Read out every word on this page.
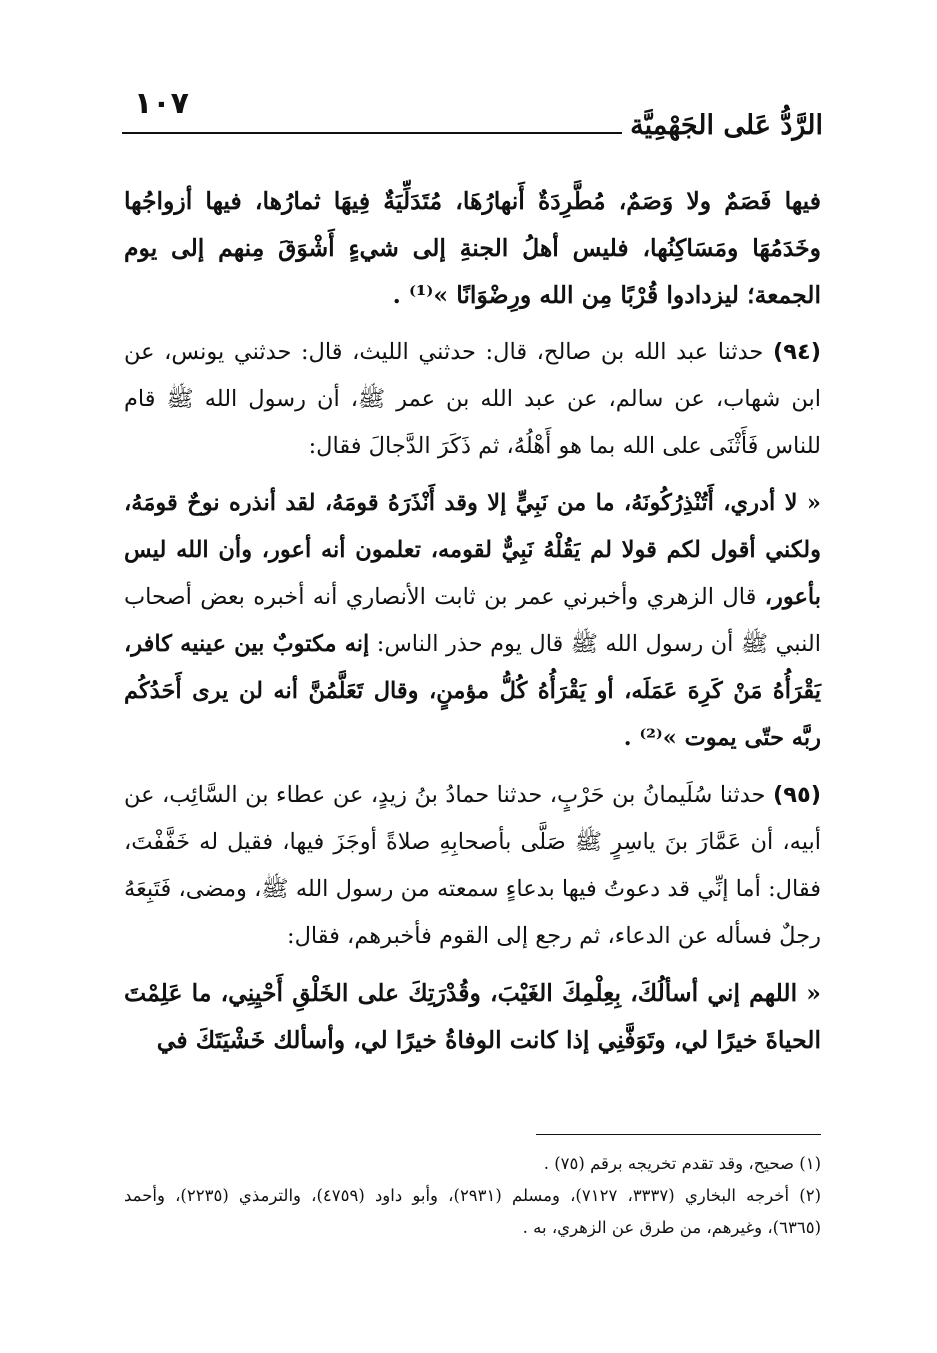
١٠٧
الرَّدُّ عَلى الجَهْمِيَّة

فيها فَصَمٌ ولا وَصَمٌ، مُطَّرِدَةٌ أَنهارُهَا، مُتَدَلِّيَةٌ فِيهَا ثمارُها، فيها أزواجُها وخَدَمُهَا ومَسَاكِنُها، فليس أهلُ الجنةِ إلى شيءٍ أَشْوَقَ مِنهم إلى يوم الجمعة؛ ليزدادوا قُرْبًا مِن الله ورِضْوَانًا »⁽¹⁾ .

(٩٤) حدثنا عبد الله بن صالح، قال: حدثني الليث، قال: حدثني يونس، عن ابن شهاب، عن سالم، عن عبد الله بن عمر ﷺ، أن رسول الله ﷺ قام للناس فَأَثْنَى على الله بما هو أَهْلُهُ، ثم ذَكَرَ الدَّجالَ فقال:

« لا أدري، أَتُنْذِرُكُونَهُ، ما من نَبِيٍّ إلا وقد أَنْذَرَهُ قومَهُ، لقد أنذره نوحٌ قومَهُ، ولكني أقول لكم قولا لم يَقُلْهُ نَبِيٌّ لقومه، تعلمون أنه أعور، وأن الله ليس بأعور، قال الزهري وأخبرني عمر بن ثابت الأنصاري أنه أخبره بعض أصحاب النبي ﷺ أن رسول الله ﷺ قال يوم حذر الناس: إنه مكتوبٌ بين عينيه كافر، يَقْرَأُهُ مَنْ كَرِهَ عَمَلَه، أو يَقْرَأُهُ كُلُّ مؤمنٍ، وقال تَعَلَّمُنَّ أنه لن يرى أَحَدُكُم ربَّه حتّى يموت »⁽²⁾ .

(٩٥) حدثنا سُلَيمانُ بن حَرْبٍ، حدثنا حمادُ بنُ زيدٍ، عن عطاء بن السَّائِب، عن أبيه، أن عَمَّارَ بنَ ياسِرٍ ﷺ صَلَّى بأصحابِهِ صلاةً أوجَزَ فيها، فقيل له خَفَّفْتَ، فقال: أما إنِّي قد دعوتُ فيها بدعاءٍ سمعته من رسول الله ﷺ، ومضى، فَتَبِعَهُ رجلٌ فسأله عن الدعاء، ثم رجع إلى القوم فأخبرهم، فقال:

« اللهم إني أسألُكَ، بِعِلْمِكَ الغَيْبَ، وقُدْرَتِكَ على الخَلْقِ أَحْيِنِي، ما عَلِمْتَ الحياةَ خيرًا لي، وتَوَفَّنِي إذا كانت الوفاةُ خيرًا لي، وأسألك خَشْيَتَكَ في

(١) صحيح، وقد تقدم تخريجه برقم (٧٥) .

(٢) أخرجه البخاري (٣٣٣٧، ٧١٢٧)، ومسلم (٢٩٣١)، وأبو داود (٤٧٥٩)، والترمذي (٢٢٣٥)، وأحمد (٦٣٦٥)، وغيرهم، من طرق عن الزهري، به .
